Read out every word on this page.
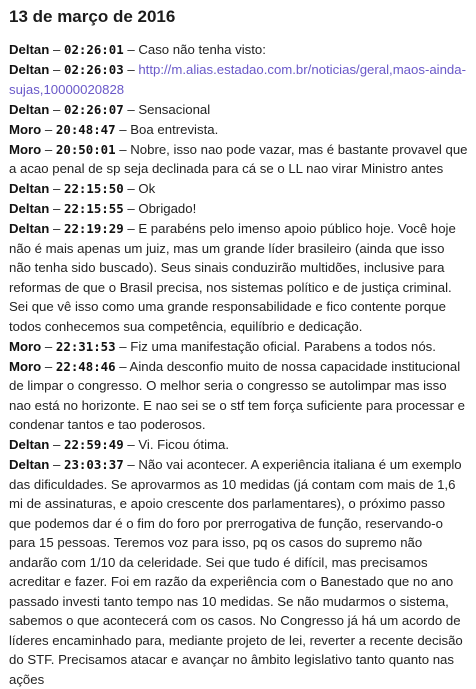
13 de março de 2016
Deltan – 02:26:01 – Caso não tenha visto:
Deltan – 02:26:03 – http://m.alias.estadao.com.br/noticias/geral,maos-ainda-sujas,10000020828
Deltan – 02:26:07 – Sensacional
Moro – 20:48:47 – Boa entrevista.
Moro – 20:50:01 – Nobre, isso nao pode vazar, mas é bastante provavel que a acao penal de sp seja declinada para cá se o LL nao virar Ministro antes
Deltan – 22:15:50 – Ok
Deltan – 22:15:55 – Obrigado!
Deltan – 22:19:29 – E parabéns pelo imenso apoio público hoje. Você hoje não é mais apenas um juiz, mas um grande líder brasileiro (ainda que isso não tenha sido buscado). Seus sinais conduzirão multidões, inclusive para reformas de que o Brasil precisa, nos sistemas político e de justiça criminal. Sei que vê isso como uma grande responsabilidade e fico contente porque todos conhecemos sua competência, equilíbrio e dedicação.
Moro – 22:31:53 – Fiz uma manifestação oficial. Parabens a todos nós.
Moro – 22:48:46 – Ainda desconfio muito de nossa capacidade institucional de limpar o congresso. O melhor seria o congresso se autolimpar mas isso nao está no horizonte. E nao sei se o stf tem força suficiente para processar e condenar tantos e tao poderosos.
Deltan – 22:59:49 – Vi. Ficou ótima.
Deltan – 23:03:37 – Não vai acontecer. A experiência italiana é um exemplo das dificuldades. Se aprovarmos as 10 medidas (já contam com mais de 1,6 mi de assinaturas, e apoio crescente dos parlamentares), o próximo passo que podemos dar é o fim do foro por prerrogativa de função, reservando-o para 15 pessoas. Teremos voz para isso, pq os casos do supremo não andarão com 1/10 da celeridade. Sei que tudo é difícil, mas precisamos acreditar e fazer. Foi em razão da experiência com o Banestado que no ano passado investi tanto tempo nas 10 medidas. Se não mudarmos o sistema, sabemos o que acontecerá com os casos. No Congresso já há um acordo de líderes encaminhado para, mediante projeto de lei, reverter a recente decisão do STF. Precisamos atacar e avançar no âmbito legislativo tanto quanto nas ações
